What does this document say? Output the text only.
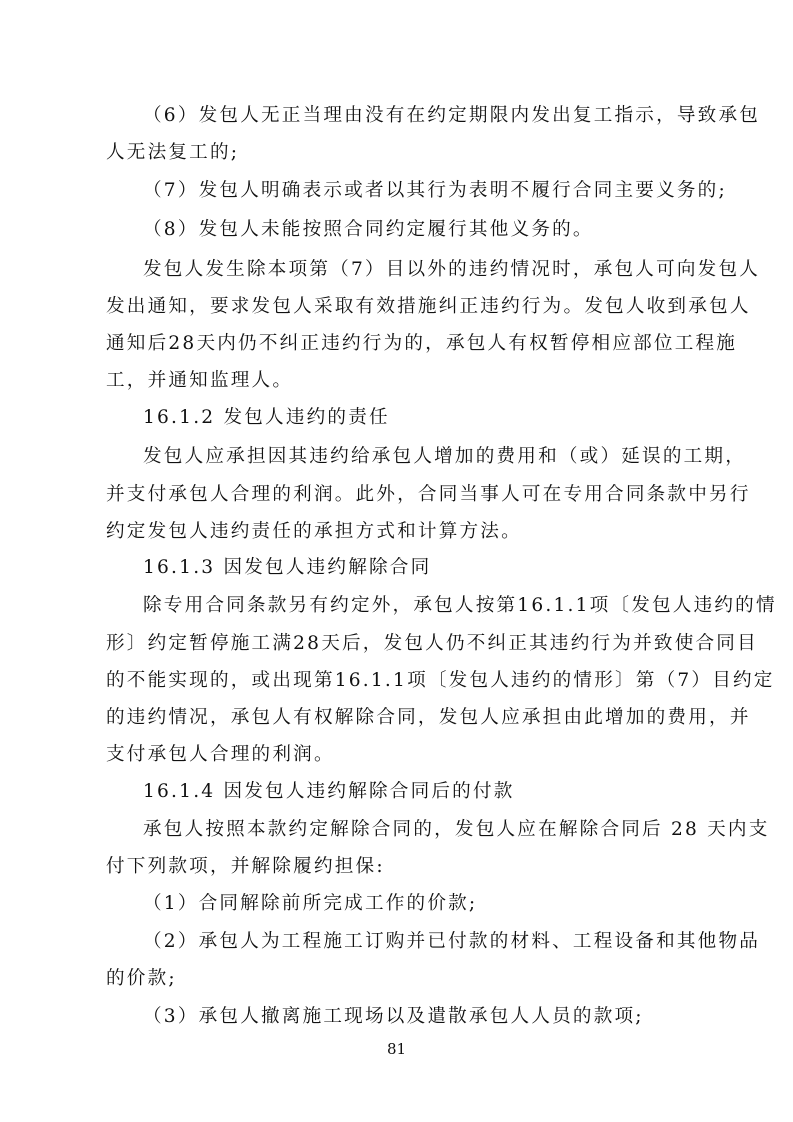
（6）发包人无正当理由没有在约定期限内发出复工指示，导致承包
人无法复工的;
（7）发包人明确表示或者以其行为表明不履行合同主要义务的;
（8）发包人未能按照合同约定履行其他义务的。
发包人发生除本项第（7）目以外的违约情况时，承包人可向发包人
发出通知，要求发包人采取有效措施纠正违约行为。发包人收到承包人
通知后28天内仍不纠正违约行为的，承包人有权暂停相应部位工程施
工，并通知监理人。
16.1.2 发包人违约的责任
发包人应承担因其违约给承包人增加的费用和（或）延误的工期，
并支付承包人合理的利润。此外，合同当事人可在专用合同条款中另行
约定发包人违约责任的承担方式和计算方法。
16.1.3 因发包人违约解除合同
除专用合同条款另有约定外，承包人按第16.1.1项〔发包人违约的情
形〕约定暂停施工满28天后，发包人仍不纠正其违约行为并致使合同目
的不能实现的，或出现第16.1.1项〔发包人违约的情形〕第（7）目约定
的违约情况，承包人有权解除合同，发包人应承担由此增加的费用，并
支付承包人合理的利润。
16.1.4 因发包人违约解除合同后的付款
承包人按照本款约定解除合同的，发包人应在解除合同后 28 天内支
付下列款项，并解除履约担保:
（1）合同解除前所完成工作的价款;
（2）承包人为工程施工订购并已付款的材料、工程设备和其他物品
的价款;
（3）承包人撤离施工现场以及遣散承包人人员的款项;
81
